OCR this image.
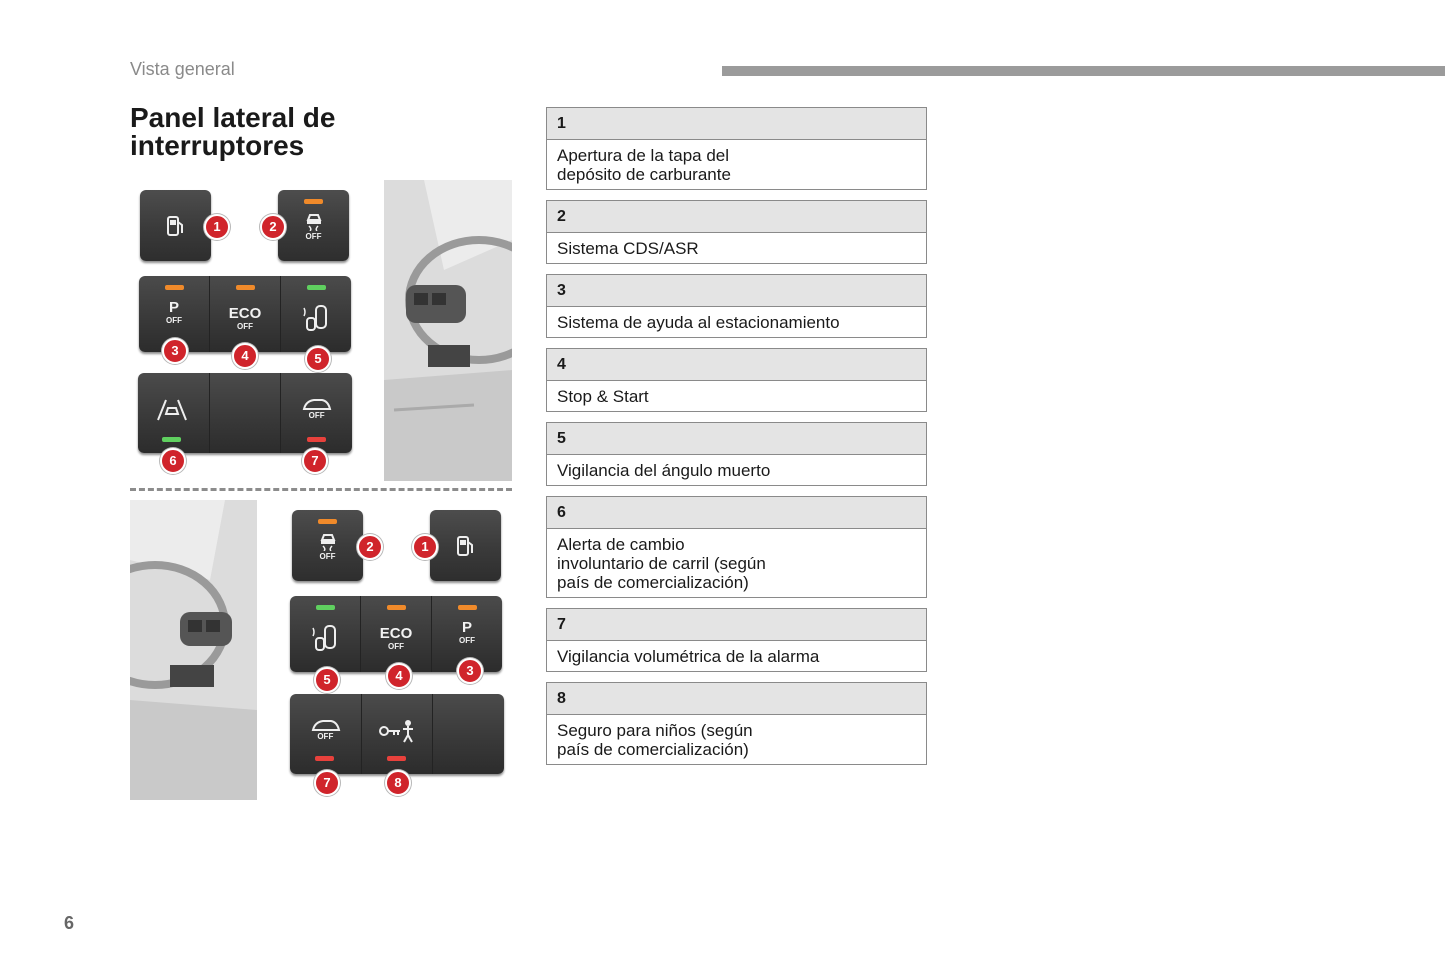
Vista general
Panel lateral de
interruptores
1
OFF
2
P
OFF	ECO
OFF
3	4	5
OFF
6	7
OFF
2	1
ECO
OFF
P
OFF
5	4	3
OFF
7	8
1
Apertura de la tapa del
depósito de carburante
2
Sistema CDS/ASR
3
Sistema de ayuda al estacionamiento
4
Stop & Start
5
Vigilancia del ángulo muerto
6
Alerta de cambio
involuntario de carril (según
país de comercialización)
7
Vigilancia volumétrica de la alarma
8
Seguro para niños (según
país de comercialización)
6
